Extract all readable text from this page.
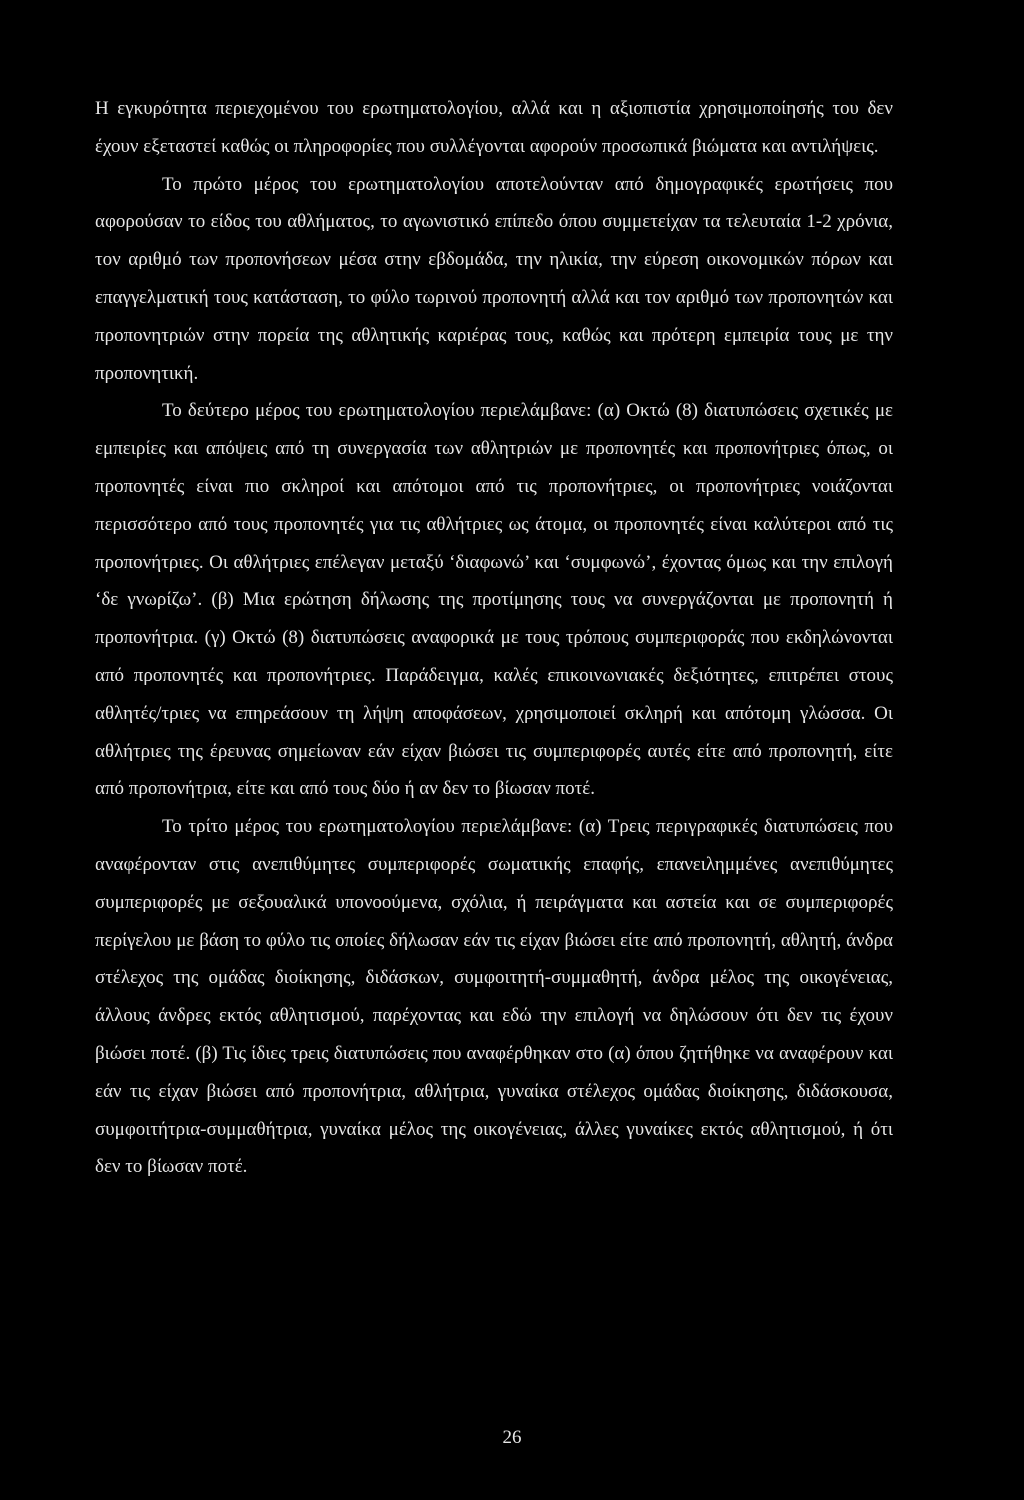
Η εγκυρότητα περιεχομένου του ερωτηματολογίου, αλλά και η αξιοπιστία χρησιμοποίησής του δεν έχουν εξεταστεί καθώς οι πληροφορίες που συλλέγονται αφορούν προσωπικά βιώματα και αντιλήψεις.

Το πρώτο μέρος του ερωτηματολογίου αποτελούνταν από δημογραφικές ερωτήσεις που αφορούσαν το είδος του αθλήματος, το αγωνιστικό επίπεδο όπου συμμετείχαν τα τελευταία 1-2 χρόνια, τον αριθμό των προπονήσεων μέσα στην εβδομάδα, την ηλικία, την εύρεση οικονομικών πόρων και επαγγελματική τους κατάσταση, το φύλο τωρινού προπονητή αλλά και τον αριθμό των προπονητών και προπονητριών στην πορεία της αθλητικής καριέρας τους, καθώς και πρότερη εμπειρία τους με την προπονητική.

Το δεύτερο μέρος του ερωτηματολογίου περιελάμβανε: (α) Οκτώ (8) διατυπώσεις σχετικές με εμπειρίες και απόψεις από τη συνεργασία των αθλητριών με προπονητές και προπονήτριες όπως, οι προπονητές είναι πιο σκληροί και απότομοι από τις προπονήτριες, οι προπονήτριες νοιάζονται περισσότερο από τους προπονητές για τις αθλήτριες ως άτομα, οι προπονητές είναι καλύτεροι από τις προπονήτριες. Οι αθλήτριες επέλεγαν μεταξύ ‘διαφωνώ’ και ‘συμφωνώ’, έχοντας όμως και την επιλογή ‘δε γνωρίζω’. (β) Μια ερώτηση δήλωσης της προτίμησης τους να συνεργάζονται με προπονητή ή προπονήτρια. (γ) Οκτώ (8) διατυπώσεις αναφορικά με τους τρόπους συμπεριφοράς που εκδηλώνονται από προπονητές και προπονήτριες. Παράδειγμα, καλές επικοινωνιακές δεξιότητες, επιτρέπει στους αθλητές/τριες να επηρεάσουν τη λήψη αποφάσεων, χρησιμοποιεί σκληρή και απότομη γλώσσα. Οι αθλήτριες της έρευνας σημείωναν εάν είχαν βιώσει τις συμπεριφορές αυτές είτε από προπονητή, είτε από προπονήτρια, είτε και από τους δύο ή αν δεν το βίωσαν ποτέ.

Το τρίτο μέρος του ερωτηματολογίου περιελάμβανε: (α) Τρεις περιγραφικές διατυπώσεις που αναφέρονταν στις ανεπιθύμητες συμπεριφορές σωματικής επαφής, επανειλημμένες ανεπιθύμητες συμπεριφορές με σεξουαλικά υπονοούμενα, σχόλια, ή πειράγματα και αστεία και σε συμπεριφορές περίγελου με βάση το φύλο τις οποίες δήλωσαν εάν τις είχαν βιώσει είτε από προπονητή, αθλητή, άνδρα στέλεχος της ομάδας διοίκησης, διδάσκων, συμφοιτητή-συμμαθητή, άνδρα μέλος της οικογένειας, άλλους άνδρες εκτός αθλητισμού, παρέχοντας και εδώ την επιλογή να δηλώσουν ότι δεν τις έχουν βιώσει ποτέ. (β) Τις ίδιες τρεις διατυπώσεις που αναφέρθηκαν στο (α) όπου ζητήθηκε να αναφέρουν και εάν τις είχαν βιώσει από προπονήτρια, αθλήτρια, γυναίκα στέλεχος ομάδας διοίκησης, διδάσκουσα, συμφοιτήτρια-συμμαθήτρια, γυναίκα μέλος της οικογένειας, άλλες γυναίκες εκτός αθλητισμού, ή ότι δεν το βίωσαν ποτέ.

26
